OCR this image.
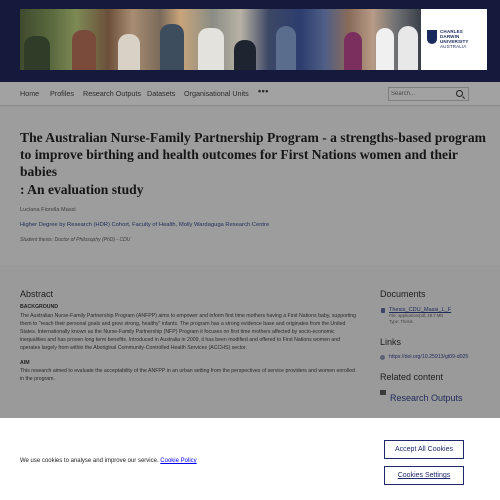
CHARLES
DARWIN
UNIVERSITY
AUSTRALIA
Home Profiles Research Outputs Datasets Organisational Units •••
Search...
The Australian Nurse-Family Partnership Program - a strengths-based program to improve birthing and health outcomes for First Nations women and their babies
: An evaluation study
Luciana Fiorella Massi
Higher Degree by Research (HDR) Cohort, Faculty of Health, Molly Wardaguga Research Centre
Student thesis: Doctor of Philosophy (PhD) - CDU
Abstract
BACKGROUND
The Australian Nurse-Family Partnership Program (ANFPP) aims to empower and inform first time mothers having a First Nations baby, supporting them to "reach their personal goals and grow strong, healthy" infants. The program has a strong evidence base and originates from the United States. Internationally known as the Nurse-Family Partnership (NFP) Program it focuses on first time mothers affected by socio-economic inequalities and has proven long term benefits. Introduced in Australia in 2009, it has been modified and offered to First Nations women and operates largely from within the Aboriginal Community-Controlled Health Services (ACCHS) sector.
AIM
This research aimed to evaluate the acceptability of the ANFPP in an urban setting from the perspectives of service providers and women enrolled in the program.
Documents
Thesis_CDU_Massi_L_F
File: application/pdf, 28.7 MB
Type: Thesis
Links
https://doi.org/10.25913/gt09-d025
Related content
Research Outputs
We use cookies to analyse and improve our service. Cookie Policy
Accept All Cookies
Cookies Settings
